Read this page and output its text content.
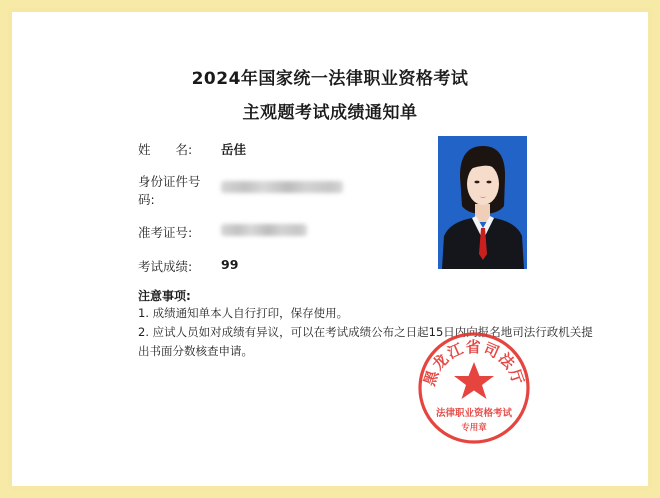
2024年国家统一法律职业资格考试
主观题考试成绩通知单
姓　　名: 岳佳
身份证件号
码:
准考证号:
考试成绩: 99
注意事项:
1. 成绩通知单本人自行打印，保存使用。
2. 应试人员如对成绩有异议，可以在考试成绩公布之日起15日内向报名地司法行政机关提
出书面分数核查申请。
黑龙江省司法厅
法律职业资格考试
专用章
